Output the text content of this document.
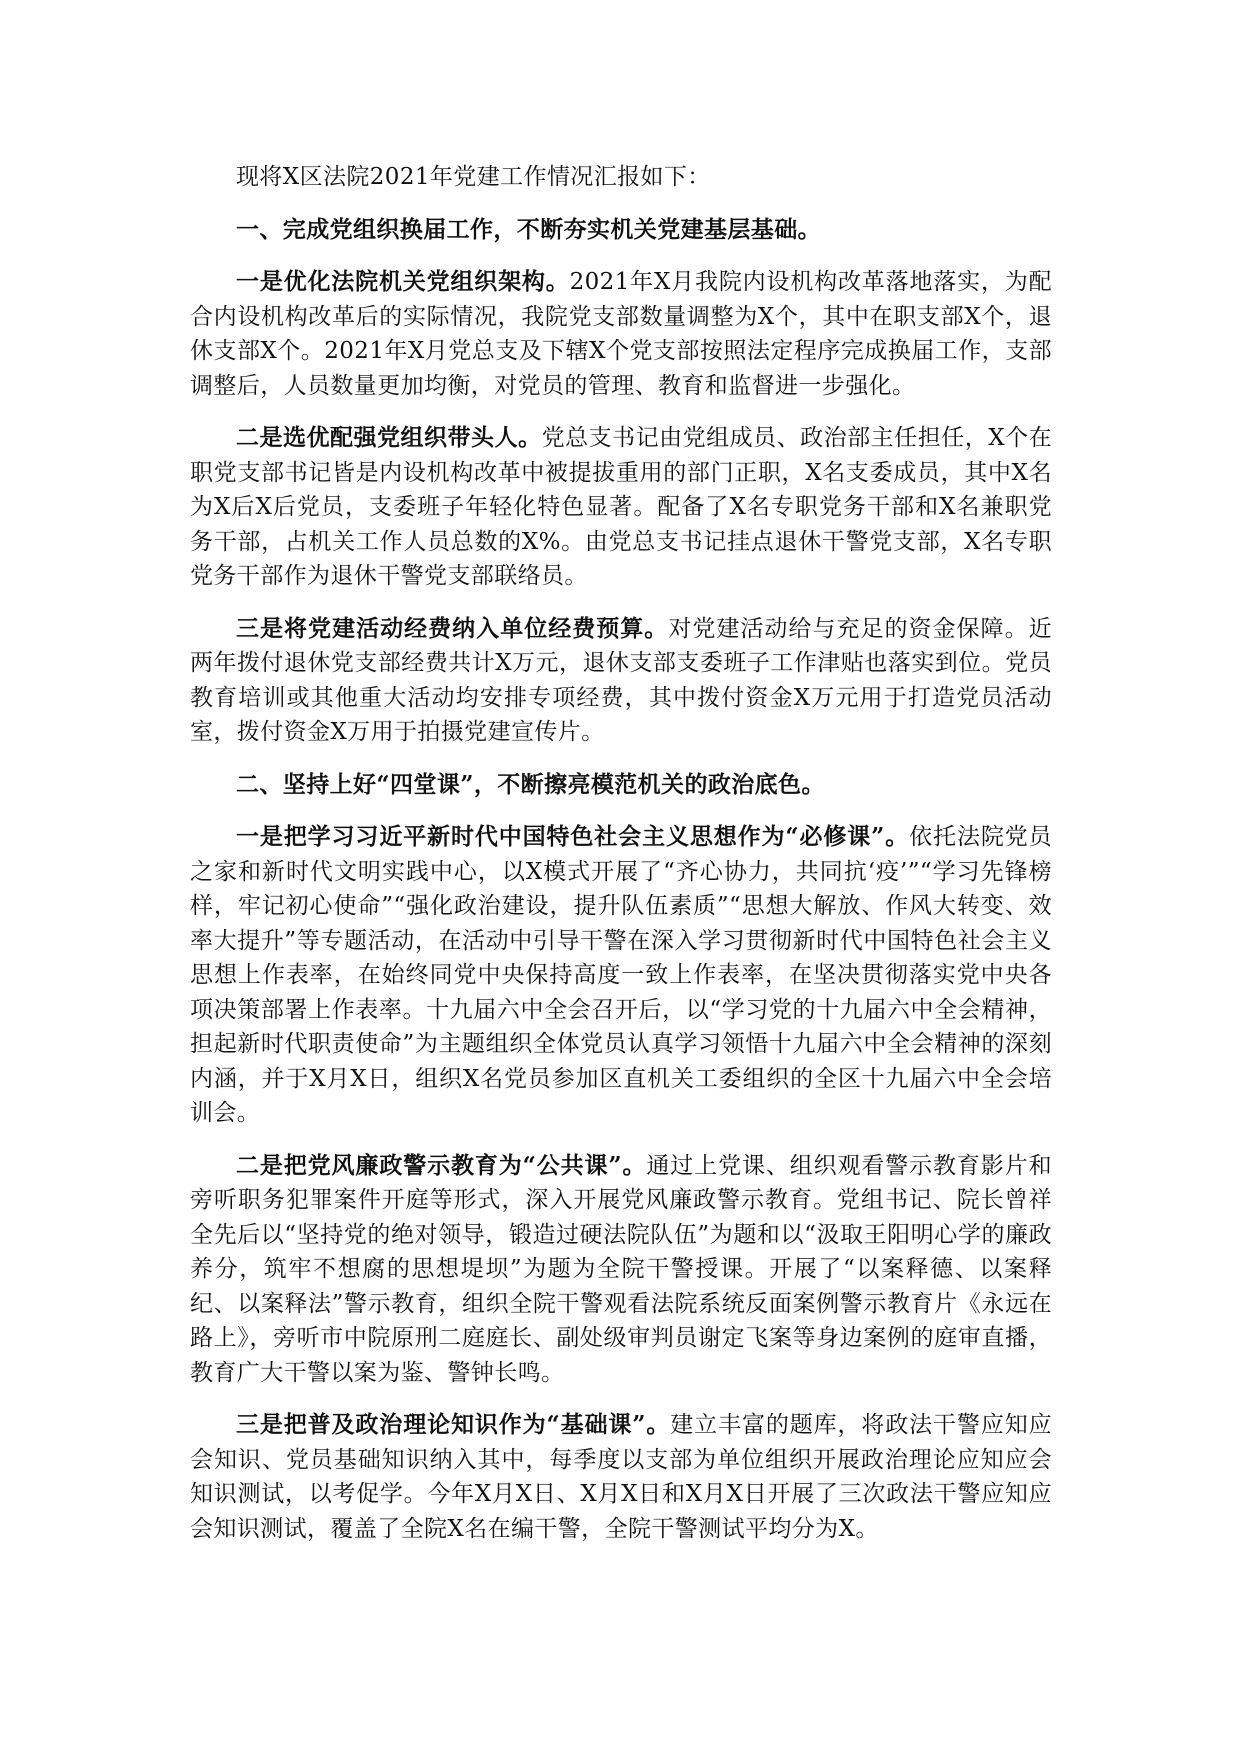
现将X区法院2021年党建工作情况汇报如下：

一、完成党组织换届工作，不断夯实机关党建基层基础。

一是优化法院机关党组织架构。2021年X月我院内设机构改革落地落实，为配合内设机构改革后的实际情况，我院党支部数量调整为X个，其中在职支部X个，退休支部X个。2021年X月党总支及下辖X个党支部按照法定程序完成换届工作，支部调整后，人员数量更加均衡，对党员的管理、教育和监督进一步强化。

二是选优配强党组织带头人。党总支书记由党组成员、政治部主任担任，X个在职党支部书记皆是内设机构改革中被提拔重用的部门正职，X名支委成员，其中X名为X后X后党员，支委班子年轻化特色显著。配备了X名专职党务干部和X名兼职党务干部，占机关工作人员总数的X%。由党总支书记挂点退休干警党支部，X名专职党务干部作为退休干警党支部联络员。

三是将党建活动经费纳入单位经费预算。对党建活动给与充足的资金保障。近两年拨付退休党支部经费共计X万元，退休支部支委班子工作津贴也落实到位。党员教育培训或其他重大活动均安排专项经费，其中拨付资金X万元用于打造党员活动室，拨付资金X万用于拍摄党建宣传片。

二、坚持上好“四堂课”，不断擦亮模范机关的政治底色。

一是把学习习近平新时代中国特色社会主义思想作为“必修课”。依托法院党员之家和新时代文明实践中心，以X模式开展了“齐心协力，共同抗‘疫’”“学习先锋榜样，牢记初心使命”“强化政治建设，提升队伍素质”“思想大解放、作风大转变、效率大提升”等专题活动，在活动中引导干警在深入学习贯彻新时代中国特色社会主义思想上作表率，在始终同党中央保持高度一致上作表率，在坚决贯彻落实党中央各项决策部署上作表率。十九届六中全会召开后，以“学习党的十九届六中全会精神，担起新时代职责使命”为主题组织全体党员认真学习领悟十九届六中全会精神的深刻内涵，并于X月X日，组织X名党员参加区直机关工委组织的全区十九届六中全会培训会。

二是把党风廉政警示教育为“公共课”。通过上党课、组织观看警示教育影片和旁听职务犯罪案件开庭等形式，深入开展党风廉政警示教育。党组书记、院长曾祥全先后以“坚持党的绝对领导，锻造过硬法院队伍”为题和以“汲取王阳明心学的廉政养分，筑牢不想腐的思想堤坝”为题为全院干警授课。开展了“以案释德、以案释纪、以案释法”警示教育，组织全院干警观看法院系统反面案例警示教育片《永远在路上》，旁听市中院原刑二庭庭长、副处级审判员谢定飞案等身边案例的庭审直播，教育广大干警以案为鉴、警钟长鸣。

三是把普及政治理论知识作为“基础课”。建立丰富的题库，将政法干警应知应会知识、党员基础知识纳入其中，每季度以支部为单位组织开展政治理论应知应会知识测试，以考促学。今年X月X日、X月X日和X月X日开展了三次政法干警应知应会知识测试，覆盖了全院X名在编干警，全院干警测试平均分为X。
